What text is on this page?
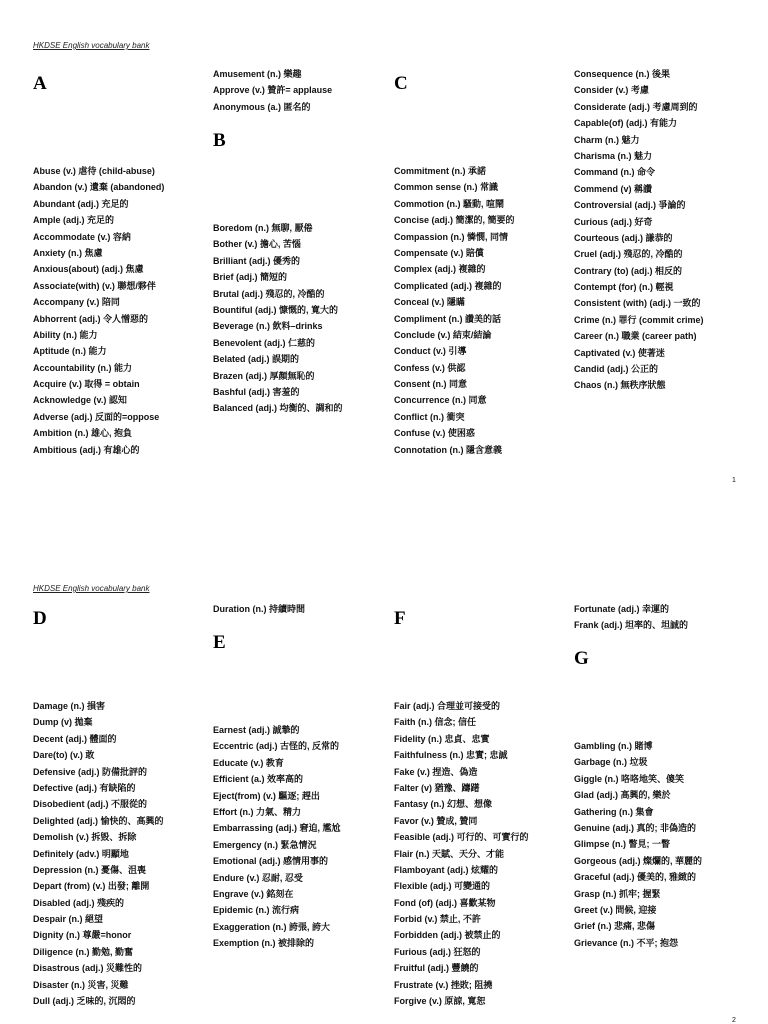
HKDSE English vocabulary bank
A
Abuse (v.) 虐待 (child-abuse)
Abandon (v.) 遺棄 (abandoned)
Abundant (adj.) 充足的
Ample (adj.) 充足的
Accommodate (v.) 容納
Anxiety (n.) 焦慮
Anxious(about) (adj.) 焦慮
Associate(with) (v.) 聯想/夥伴
Accompany (v.) 陪同
Abhorrent (adj.) 令人憎惡的
Ability (n.) 能力
Aptitude (n.) 能力
Accountability (n.) 能力
Acquire (v.) 取得 = obtain
Acknowledge (v.) 認知
Adverse (adj.) 反面的=oppose
Ambition (n.) 雄心, 抱負
Ambitious (adj.) 有雄心的
Amusement (n.) 樂趣
Approve (v.) 贊許= applause
Anonymous (a.) 匿名的
B
Boredom (n.) 無聊, 厭倦
Bother (v.) 擔心, 苦惱
Brilliant (adj.) 優秀的
Brief (adj.) 簡短的
Brutal (adj.) 殘忍的, 冷酷的
Bountiful (adj.) 慷慨的, 寬大的
Beverage (n.) 飲料–drinks
Benevolent (adj.) 仁慈的
Belated (adj.) 誤期的
Brazen (adj.) 厚顏無恥的
Bashful (adj.) 害羞的
Balanced (adj.) 均衡的、調和的
C
Commitment (n.) 承諾
Common sense (n.) 常識
Commotion (n.) 騷動, 喧鬧
Concise (adj.) 簡潔的, 簡要的
Compassion (n.) 憐憫, 同情
Compensate (v.) 賠償
Complex (adj.) 複雜的
Complicated (adj.) 複雜的
Conceal (v.) 隱瞞
Compliment (n.) 讚美的話
Conclude (v.) 結束/結論
Conduct (v.) 引導
Confess (v.) 供認
Consent (n.) 同意
Concurrence (n.) 同意
Conflict (n.) 衝突
Confuse (v.) 使困惑
Connotation (n.) 隱含意義
Consequence (n.) 後果
Consider (v.) 考慮
Considerate (adj.) 考慮周到的
Capable(of) (adj.) 有能力
Charm (n.) 魅力
Charisma (n.) 魅力
Command (n.) 命令
Commend (v) 稱讚
Controversial (adj.) 爭論的
Curious (adj.) 好奇
Courteous (adj.) 謙恭的
Cruel (adj.) 殘忍的, 冷酷的
Contrary (to) (adj.) 相反的
Contempt (for) (n.) 輕視
Consistent (with) (adj.) 一致的
Crime (n.) 罪行 (commit crime)
Career (n.) 職業 (career path)
Captivated (v.) 使著迷
Candid (adj.) 公正的
Chaos (n.) 無秩序狀態
1
HKDSE English vocabulary bank
D
Damage (n.) 損害
Dump (v) 拋棄
Decent (adj.) 體面的
Dare(to) (v.) 敢
Defensive (adj.) 防備批評的
Defective (adj.) 有缺陷的
Disobedient (adj.) 不服從的
Delighted (adj.) 愉快的、高興的
Demolish (v.) 拆毀、拆除
Definitely (adv.) 明顯地
Depression (n.) 憂傷、沮喪
Depart (from) (v.) 出發; 離開
Disabled (adj.) 殘疾的
Despair (n.) 絕望
Dignity (n.) 尊嚴=honor
Diligence (n.) 勤勉, 勤奮
Disastrous (adj.) 災難性的
Disaster (n.) 災害, 災難
Dull (adj.) 乏味的, 沉悶的
Duration (n.) 持續時間
E
Earnest (adj.) 誠摯的
Eccentric (adj.) 古怪的, 反常的
Educate (v.) 教育
Efficient (a.) 效率高的
Eject(from) (v.) 驅逐; 趕出
Effort (n.) 力氣、精力
Embarrassing (adj.) 窘迫, 尷尬
Emergency (n.) 緊急情況
Emotional (adj.) 感情用事的
Endure (v.) 忍耐, 忍受
Engrave (v.) 銘刻在
Epidemic (n.) 流行病
Exaggeration (n.) 誇張, 誇大
Exemption (n.) 被排除的
F
Fair (adj.) 合理並可接受的
Faith (n.) 信念; 信任
Fidelity (n.) 忠貞、忠實
Faithfulness (n.) 忠實; 忠誠
Fake (v.) 捏造、偽造
Falter (v) 猶豫、躊躇
Fantasy (n.) 幻想、想像
Favor (v.) 贊成, 贊同
Feasible (adj.) 可行的、可實行的
Flair (n.) 天賦、天分、才能
Flamboyant (adj.) 炫耀的
Flexible (adj.) 可變通的
Fond (of) (adj.) 喜歡某物
Forbid (v.) 禁止, 不許
Forbidden (adj.) 被禁止的
Furious (adj.) 狂怒的
Fruitful (adj.) 豐饒的
Frustrate (v.) 挫敗; 阻撓
Forgive (v.) 原諒, 寬恕
Fortunate (adj.) 幸運的
Frank (adj.) 坦率的、坦誠的
G
Gambling (n.) 賭博
Garbage (n.) 垃圾
Giggle (n.) 咯咯地笑、傻笑
Glad (adj.) 高興的, 樂於
Gathering (n.) 集會
Genuine (adj.) 真的; 非偽造的
Glimpse (n.) 瞥見; 一瞥
Gorgeous (adj.) 燦爛的, 華麗的
Graceful (adj.) 優美的, 雅緻的
Grasp (n.) 抓牢; 握緊
Greet (v.) 問候, 迎接
Grief (n.) 悲痛, 悲傷
Grievance (n.) 不平; 抱怨
2
